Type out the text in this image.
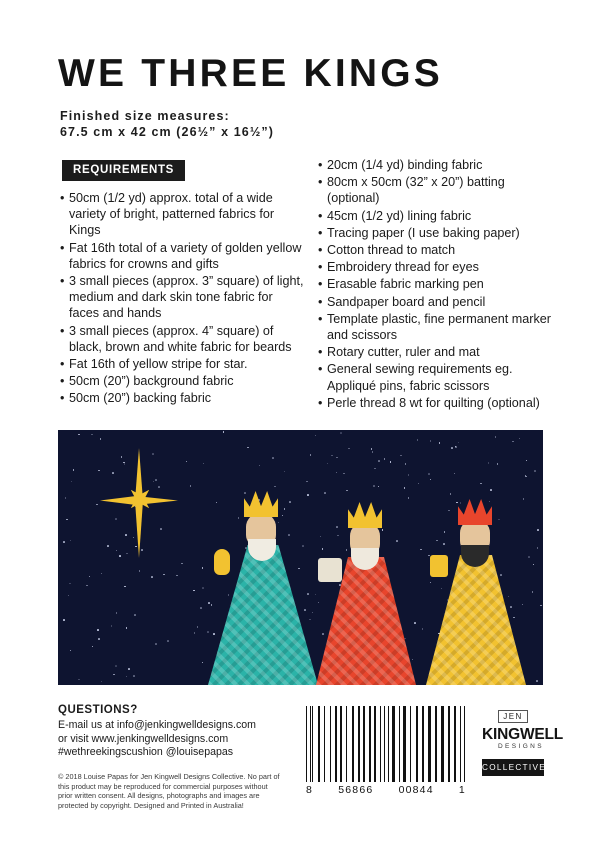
WE THREE KINGS
Finished size measures:
67.5 cm x 42 cm (26½” x 16½”)
REQUIREMENTS
• 50cm (1/2 yd) approx. total of a wide variety of bright, patterned fabrics for Kings
• Fat 16th total of a variety of golden yellow fabrics for crowns and gifts
• 3 small pieces (approx. 3” square) of light, medium and dark skin tone fabric for faces and hands
• 3 small pieces (approx. 4” square) of black, brown and white fabric for beards
• Fat 16th of yellow stripe for star.
• 50cm (20”) background fabric
• 50cm (20”) backing fabric
• 20cm (1/4 yd) binding fabric
• 80cm x 50cm (32” x 20”) batting (optional)
• 45cm (1/2 yd) lining fabric
• Tracing paper (I use baking paper)
• Cotton thread to match
• Embroidery thread for eyes
• Erasable fabric marking pen
• Sandpaper board and pencil
• Template plastic, fine permanent marker and scissors
• Rotary cutter, ruler and mat
• General sewing requirements eg. Appliqué pins, fabric scissors
• Perle thread 8 wt for quilting (optional)
QUESTIONS?
E-mail us at info@jenkingwelldesigns.com
or visit www.jenkingwelldesigns.com
#wethreekingscushion @louisepapas
© 2018 Louise Papas for Jen Kingwell Designs Collective. No part of this product may be reproduced for commercial purposes without prior written consent. All designs, photographs and images are protected by copyright. Designed and Printed in Australia!
8 56866 00844 1
JEN
KINGWELL
DESIGNS
COLLECTIVE
